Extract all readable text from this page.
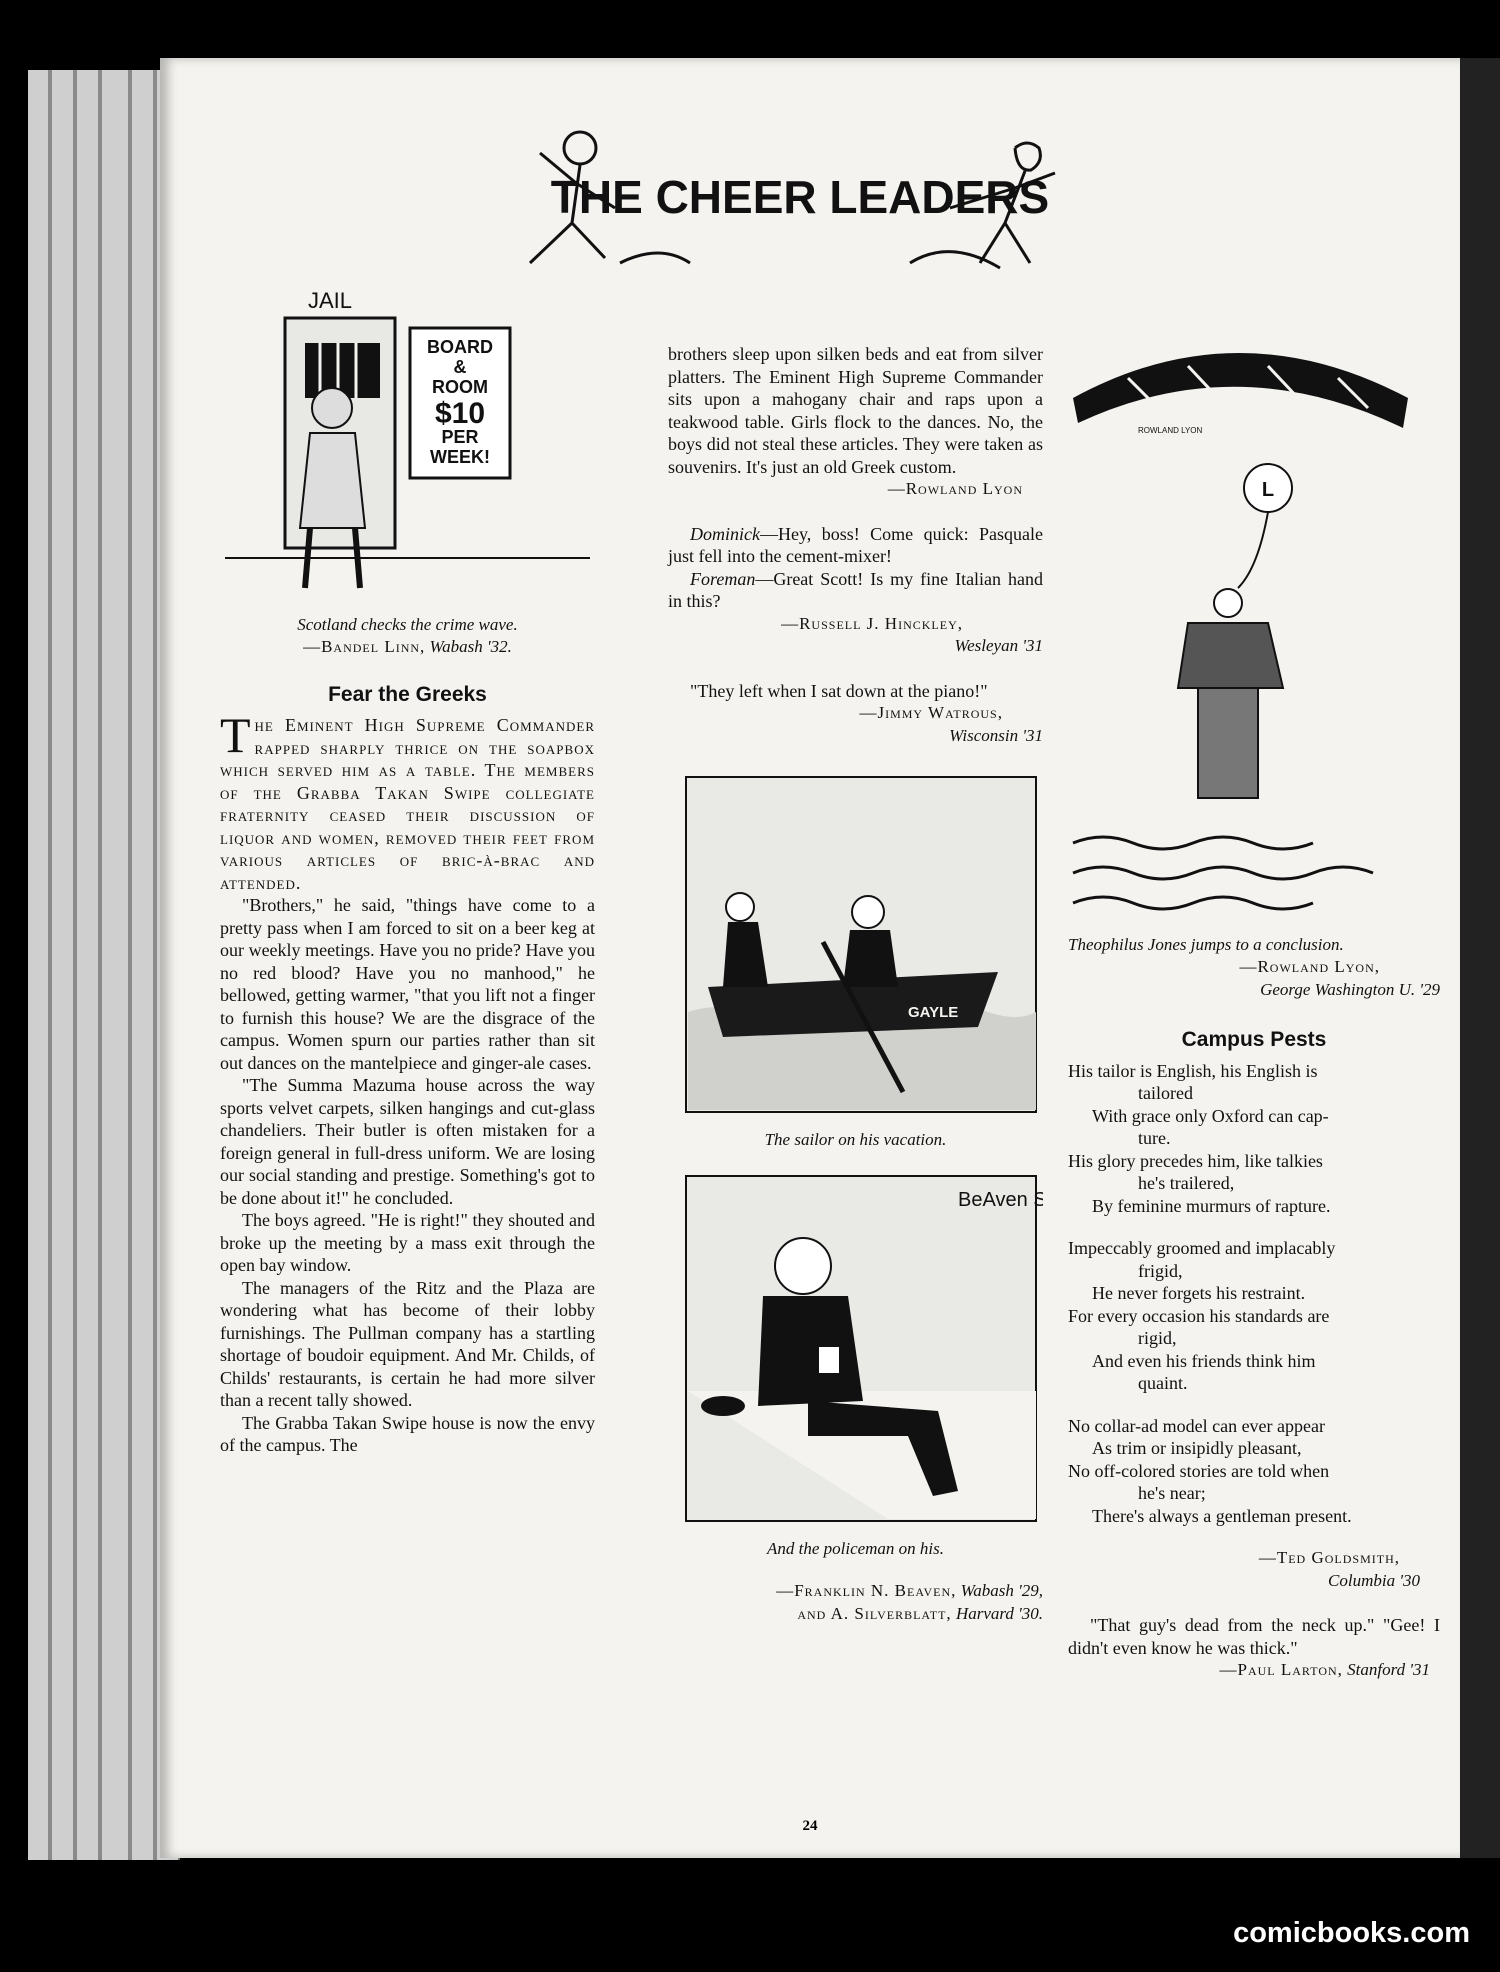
THE CHEER LEADERS
JAIL
BOARD & ROOM $10 PER WEEK!
Scotland checks the crime wave.
—Bandel Linn, Wabash '32.
Fear the Greeks

The Eminent High Supreme Commander rapped sharply thrice on the soapbox which served him as a table. The members of the Grabba Takan Swipe collegiate fraternity ceased their discussion of liquor and women, removed their feet from various articles of bric-à-brac and attended.

"Brothers," he said, "things have come to a pretty pass when I am forced to sit on a beer keg at our weekly meetings. Have you no pride? Have you no red blood? Have you no manhood," he bellowed, getting warmer, "that you lift not a finger to furnish this house? We are the disgrace of the campus. Women spurn our parties rather than sit out dances on the mantelpiece and ginger-ale cases.

"The Summa Mazuma house across the way sports velvet carpets, silken hangings and cut-glass chandeliers. Their butler is often mistaken for a foreign general in full-dress uniform. We are losing our social standing and prestige. Something's got to be done about it!" he concluded.

The boys agreed. "He is right!" they shouted and broke up the meeting by a mass exit through the open bay window.

The managers of the Ritz and the Plaza are wondering what has become of their lobby furnishings. The Pullman company has a startling shortage of boudoir equipment. And Mr. Childs, of Childs' restaurants, is certain he had more silver than a recent tally showed.

The Grabba Takan Swipe house is now the envy of the campus. The

brothers sleep upon silken beds and eat from silver platters. The Eminent High Supreme Commander sits upon a mahogany chair and raps upon a teakwood table. Girls flock to the dances. No, the boys did not steal these articles. They were taken as souvenirs. It's just an old Greek custom.

—Rowland Lyon

Dominick—Hey, boss! Come quick: Pasquale just fell into the cement-mixer!

Foreman—Great Scott! Is my fine Italian hand in this?

—Russell J. Hinckley,
Wesleyan '31

"They left when I sat down at the piano!"

—Jimmy Watrous,
Wisconsin '31
GAYLE
The sailor on his vacation.
BeAven S
And the policeman on his.
—Franklin N. Beaven, Wabash '29,
and A. Silverblatt, Harvard '30.
ROWLAND LYON
L
Theophilus Jones jumps to a conclusion.
—Rowland Lyon,
George Washington U. '29
Campus Pests

His tailor is English, his English is

tailored

With grace only Oxford can cap-

ture.

His glory precedes him, like talkies

he's trailered,

By feminine murmurs of rapture.

Impeccably groomed and implacably

frigid,

He never forgets his restraint.

For every occasion his standards are

rigid,

And even his friends think him

quaint.

No collar-ad model can ever appear

As trim or insipidly pleasant,

No off-colored stories are told when

he's near;

There's always a gentleman present.

—Ted Goldsmith,
Columbia '30

"That guy's dead from the neck up." "Gee! I didn't even know he was thick."

—Paul Larton, Stanford '31
24
comicbooks.com
